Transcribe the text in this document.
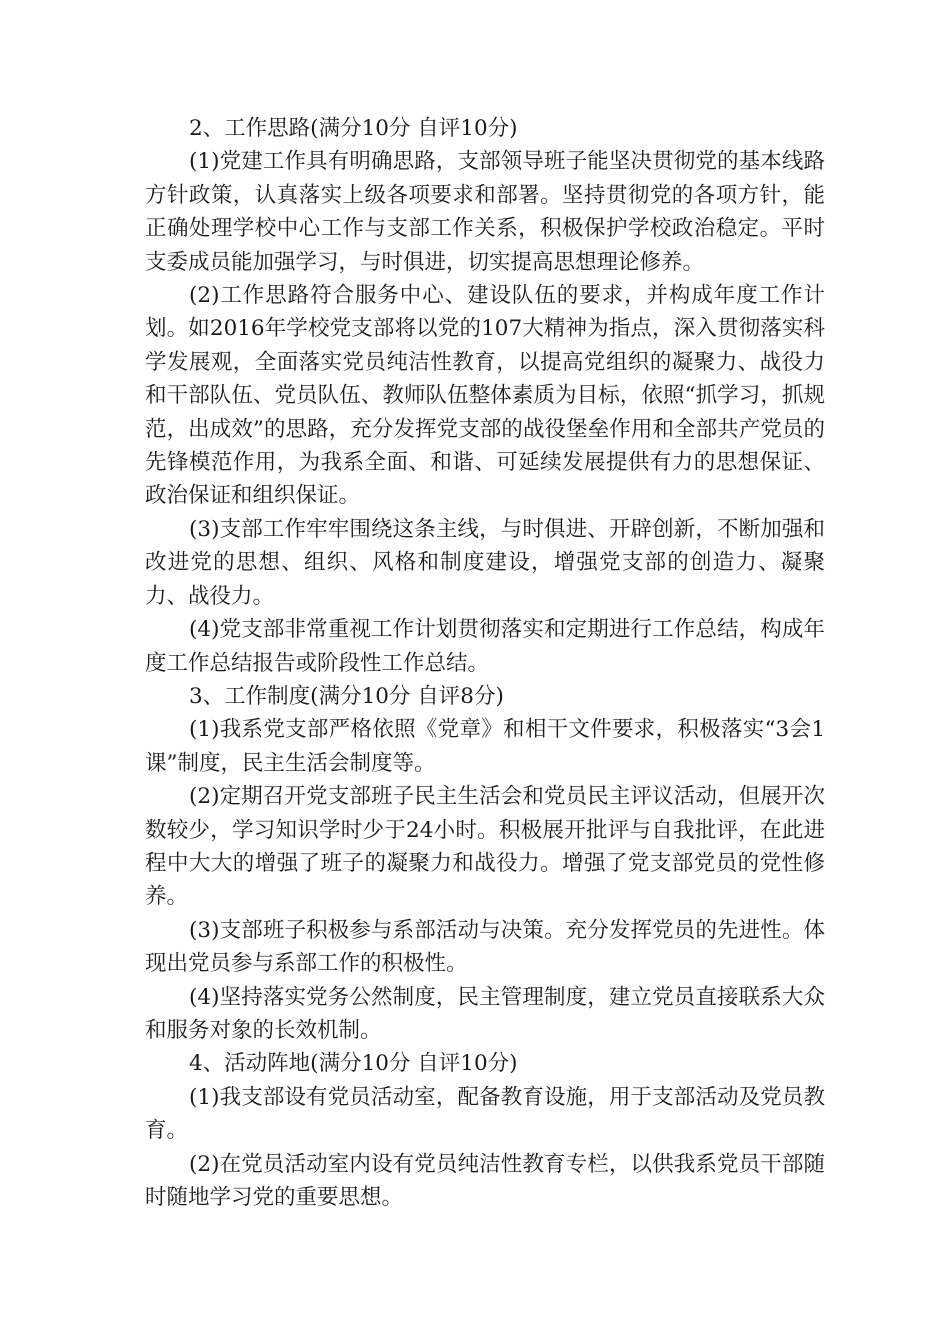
2、工作思路(满分10分 自评10分)

(1)党建工作具有明确思路，支部领导班子能坚决贯彻党的基本线路方针政策，认真落实上级各项要求和部署。坚持贯彻党的各项方针，能正确处理学校中心工作与支部工作关系，积极保护学校政治稳定。平时支委成员能加强学习，与时俱进，切实提高思想理论修养。

(2)工作思路符合服务中心、建设队伍的要求，并构成年度工作计划。如2016年学校党支部将以党的107大精神为指点，深入贯彻落实科学发展观，全面落实党员纯洁性教育，以提高党组织的凝聚力、战役力和干部队伍、党员队伍、教师队伍整体素质为目标，依照“抓学习，抓规范，出成效”的思路，充分发挥党支部的战役堡垒作用和全部共产党员的先锋模范作用，为我系全面、和谐、可延续发展提供有力的思想保证、政治保证和组织保证。

(3)支部工作牢牢围绕这条主线，与时俱进、开辟创新，不断加强和改进党的思想、组织、风格和制度建设，增强党支部的创造力、凝聚力、战役力。

(4)党支部非常重视工作计划贯彻落实和定期进行工作总结，构成年度工作总结报告或阶段性工作总结。

3、工作制度(满分10分 自评8分)

(1)我系党支部严格依照《党章》和相干文件要求，积极落实“3会1课”制度，民主生活会制度等。

(2)定期召开党支部班子民主生活会和党员民主评议活动，但展开次数较少，学习知识学时少于24小时。积极展开批评与自我批评，在此进程中大大的增强了班子的凝聚力和战役力。增强了党支部党员的党性修养。

(3)支部班子积极参与系部活动与决策。充分发挥党员的先进性。体现出党员参与系部工作的积极性。

(4)坚持落实党务公然制度，民主管理制度，建立党员直接联系大众和服务对象的长效机制。

4、活动阵地(满分10分 自评10分)

(1)我支部设有党员活动室，配备教育设施，用于支部活动及党员教育。

(2)在党员活动室内设有党员纯洁性教育专栏，以供我系党员干部随时随地学习党的重要思想。
